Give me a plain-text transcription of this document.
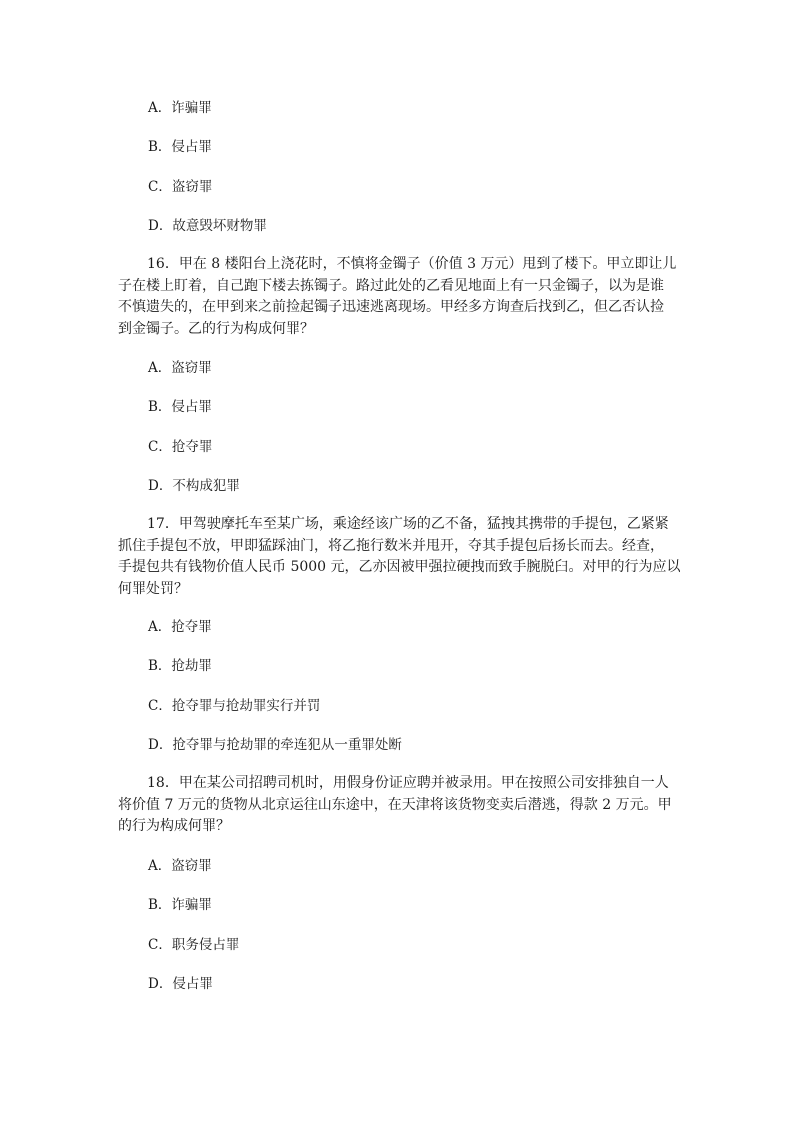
A．诈骗罪
B．侵占罪
C．盗窃罪
D．故意毁坏财物罪
16．甲在 8 楼阳台上浇花时，不慎将金镯子（价值 3 万元）甩到了楼下。甲立即让儿
子在楼上盯着，自己跑下楼去拣镯子。路过此处的乙看见地面上有一只金镯子，以为是谁
不慎遗失的，在甲到来之前捡起镯子迅速逃离现场。甲经多方询查后找到乙，但乙否认捡
到金镯子。乙的行为构成何罪？
A．盗窃罪
B．侵占罪
C．抢夺罪
D．不构成犯罪
17．甲驾驶摩托车至某广场，乘途经该广场的乙不备，猛拽其携带的手提包，乙紧紧
抓住手提包不放，甲即猛踩油门，将乙拖行数米并甩开，夺其手提包后扬长而去。经查，
手提包共有钱物价值人民币 5000 元，乙亦因被甲强拉硬拽而致手腕脱臼。对甲的行为应以
何罪处罚？
A．抢夺罪
B．抢劫罪
C．抢夺罪与抢劫罪实行并罚
D．抢夺罪与抢劫罪的牵连犯从一重罪处断
18．甲在某公司招聘司机时，用假身份证应聘并被录用。甲在按照公司安排独自一人
将价值 7 万元的货物从北京运往山东途中，在天津将该货物变卖后潜逃，得款 2 万元。甲
的行为构成何罪？
A．盗窃罪
B．诈骗罪
C．职务侵占罪
D．侵占罪
